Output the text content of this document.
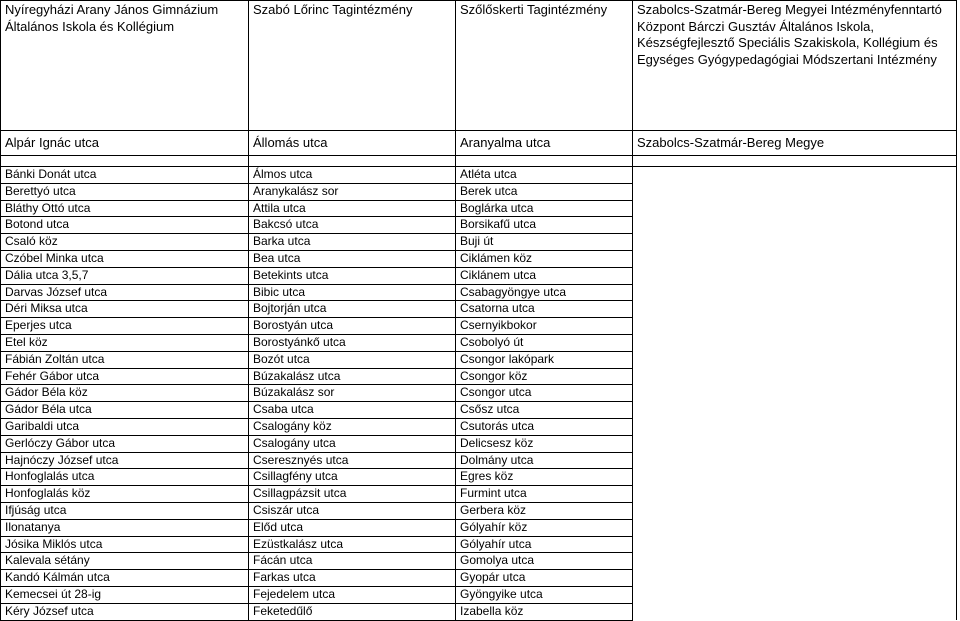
Nyíregyházi Arany János Gimnázium Általános Iskola és Kollégium	Szabó Lőrinc Tagintézmény	Szőlőskerti Tagintézmény	Szabolcs-Szatmár-Bereg Megyei Intézményfenntartó Központ Bárczi Gusztáv Általános Iskola, Készségfejlesztő Speciális Szakiskola, Kollégium és Egységes Gyógypedagógiai Módszertani Intézmény
Alpár Ignác utca	Állomás utca	Aranyalma utca	Szabolcs-Szatmár-Bereg Megye

Bánki Donát utca	Álmos utca	Atléta utca	
Berettyó utca	Aranykalász sor	Berek utca	
Bláthy Ottó utca	Attila utca	Boglárka utca	
Botond utca	Bakcsó utca	Borsikafű utca	
Csaló köz	Barka utca	Buji út	
Czóbel Minka utca	Bea utca	Ciklámen köz	
Dália utca 3,5,7	Betekints utca	Ciklánem utca	
Darvas József utca	Bibic utca	Csabagyöngye utca	
Déri Miksa utca	Bojtorján utca	Csatorna utca	
Eperjes utca	Borostyán utca	Csernyikbokor	
Etel köz	Borostyánkő utca	Csobolyó út	
Fábián Zoltán utca	Bozót utca	Csongor lakópark	
Fehér Gábor utca	Búzakalász utca	Csongor köz	
Gádor Béla köz	Búzakalász sor	Csongor utca	
Gádor Béla utca	Csaba utca	Csősz utca	
Garibaldi utca	Csalogány köz	Csutorás utca	
Gerlóczy Gábor utca	Csalogány utca	Delicsesz köz	
Hajnóczy József utca	Cseresznyés utca	Dolmány utca	
Honfoglalás utca	Csillagfény utca	Egres köz	
Honfoglalás köz	Csillagpázsit utca	Furmint utca	
Ifjúság utca	Csiszár utca	Gerbera köz	
Ilonatanya	Előd utca	Gólyahír köz	
Jósika Miklós utca	Ezüstkalász utca	Gólyahír utca	
Kalevala sétány	Fácán utca	Gomolya utca	
Kandó Kálmán utca	Farkas utca	Gyopár utca	
Kemecsei út 28-ig	Fejedelem utca	Gyöngyike utca	
Kéry József utca	Feketedűlő	Izabella köz	
